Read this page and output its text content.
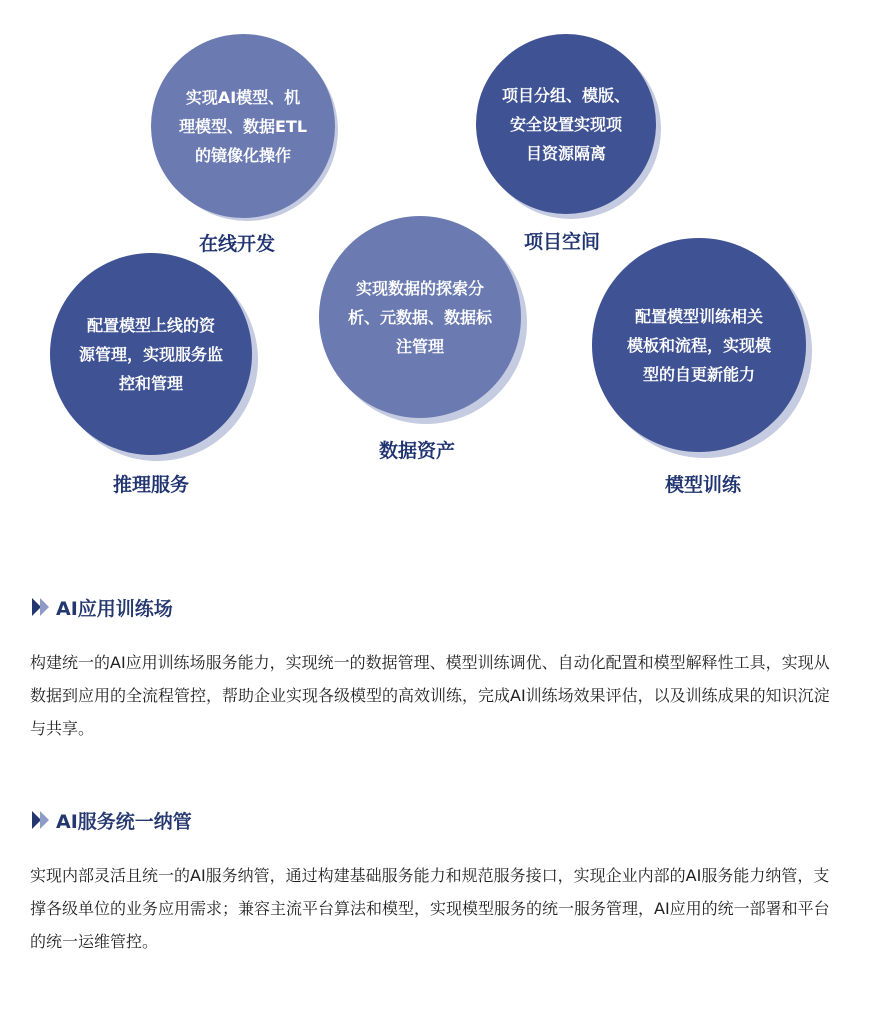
实现AI模型、机
理模型、数据ETL
的镜像化操作
在线开发
项目分组、模版、
安全设置实现项
目资源隔离
项目空间
实现数据的探索分
析、元数据、数据标
注管理
数据资产
配置模型上线的资
源管理，实现服务监
控和管理
推理服务
配置模型训练相关
模板和流程，实现模
型的自更新能力
模型训练
AI应用训练场
构建统一的AI应用训练场服务能力，实现统一的数据管理、模型训练调优、自动化配置和模型解释性工具，实现从数据到应用的全流程管控，帮助企业实现各级模型的高效训练，完成AI训练场效果评估，以及训练成果的知识沉淀与共享。
AI服务统一纳管
实现内部灵活且统一的AI服务纳管，通过构建基础服务能力和规范服务接口，实现企业内部的AI服务能力纳管，支撑各级单位的业务应用需求；兼容主流平台算法和模型，实现模型服务的统一服务管理，AI应用的统一部署和平台的统一运维管控。
